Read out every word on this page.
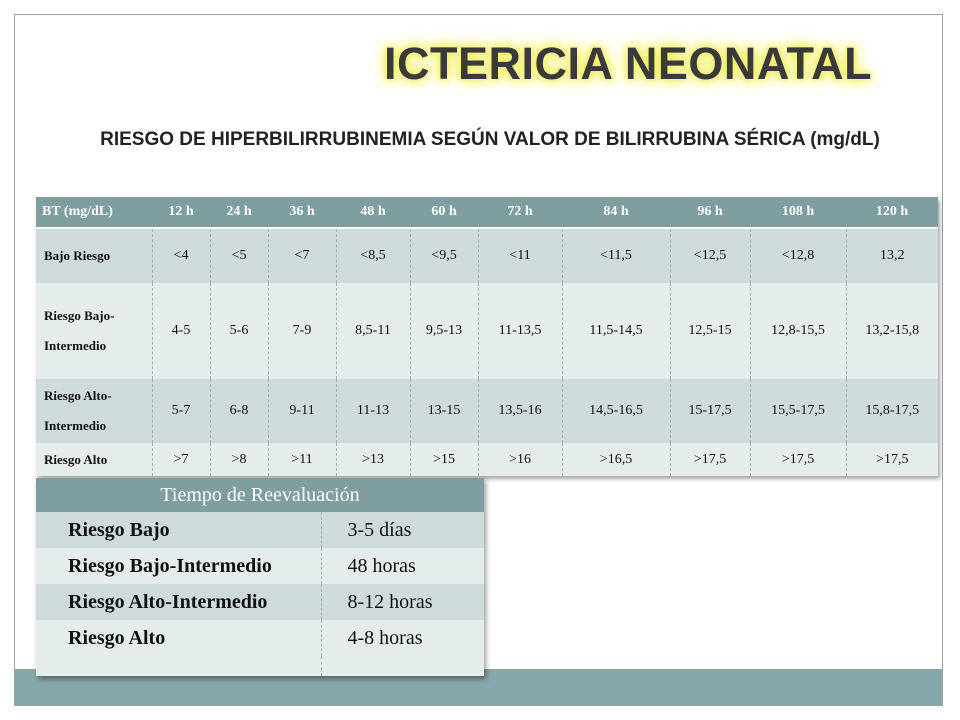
ICTERICIA NEONATAL
RIESGO DE HIPERBILIRRUBINEMIA SEGÚN VALOR DE BILIRRUBINA SÉRICA (mg/dL)
BT (mg/dL)	12 h	24 h	36 h	48 h	60 h	72 h	84 h	96 h	108 h	120 h
Bajo Riesgo	<4	<5	<7	<8,5	<9,5	<11	<11,5	<12,5	<12,8	13,2
Riesgo Bajo-Intermedio	4-5	5-6	7-9	8,5-11	9,5-13	11-13,5	11,5-14,5	12,5-15	12,8-15,5	13,2-15,8
Riesgo Alto-Intermedio	5-7	6-8	9-11	11-13	13-15	13,5-16	14,5-16,5	15-17,5	15,5-17,5	15,8-17,5
Riesgo Alto	>7	>8	>11	>13	>15	>16	>16,5	>17,5	>17,5	>17,5
Tiempo de Reevaluación	
Riesgo Bajo	3-5 días
Riesgo Bajo-Intermedio	48 horas
Riesgo Alto-Intermedio	8-12 horas
Riesgo Alto	4-8 horas
